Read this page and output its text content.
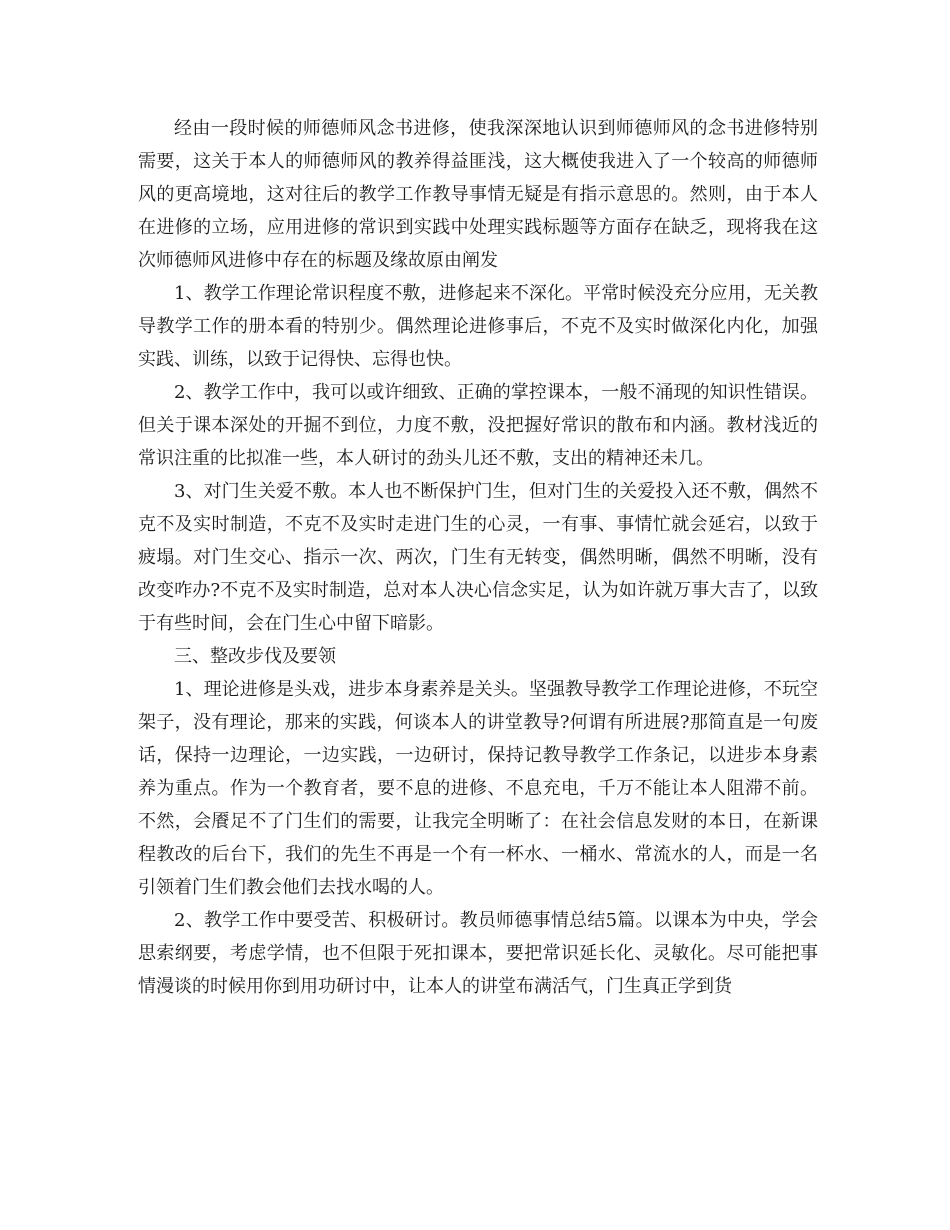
经由一段时候的师德师风念书进修，使我深深地认识到师德师风的念书进修特别需要，这关于本人的师德师风的教养得益匪浅，这大概使我进入了一个较高的师德师风的更高境地，这对往后的教学工作教导事情无疑是有指示意思的。然则，由于本人在进修的立场，应用进修的常识到实践中处理实践标题等方面存在缺乏，现将我在这次师德师风进修中存在的标题及缘故原由阐发

1、教学工作理论常识程度不敷，进修起来不深化。平常时候没充分应用，无关教导教学工作的册本看的特别少。偶然理论进修事后，不克不及实时做深化内化，加强实践、训练，以致于记得快、忘得也快。

2、教学工作中，我可以或许细致、正确的掌控课本，一般不涌现的知识性错误。但关于课本深处的开掘不到位，力度不敷，没把握好常识的散布和内涵。教材浅近的常识注重的比拟准一些，本人研讨的劲头儿还不敷，支出的精神还未几。

3、对门生关爱不敷。本人也不断保护门生，但对门生的关爱投入还不敷，偶然不克不及实时制造，不克不及实时走进门生的心灵，一有事、事情忙就会延宕，以致于疲塌。对门生交心、指示一次、两次，门生有无转变，偶然明晰，偶然不明晰，没有改变咋办?不克不及实时制造，总对本人决心信念实足，认为如许就万事大吉了，以致于有些时间，会在门生心中留下暗影。

三、整改步伐及要领

1、理论进修是头戏，进步本身素养是关头。坚强教导教学工作理论进修，不玩空架子，没有理论，那来的实践，何谈本人的讲堂教导?何谓有所进展?那简直是一句废话，保持一边理论，一边实践，一边研讨，保持记教导教学工作条记，以进步本身素养为重点。作为一个教育者，要不息的进修、不息充电，千万不能让本人阻滞不前。不然，会餍足不了门生们的需要，让我完全明晰了：在社会信息发财的本日，在新课程教改的后台下，我们的先生不再是一个有一杯水、一桶水、常流水的人，而是一名引领着门生们教会他们去找水喝的人。

2、教学工作中要受苦、积极研讨。教员师德事情总结5篇。以课本为中央，学会思索纲要，考虑学情，也不但限于死扣课本，要把常识延长化、灵敏化。尽可能把事情漫谈的时候用你到用功研讨中，让本人的讲堂布满活气，门生真正学到货
